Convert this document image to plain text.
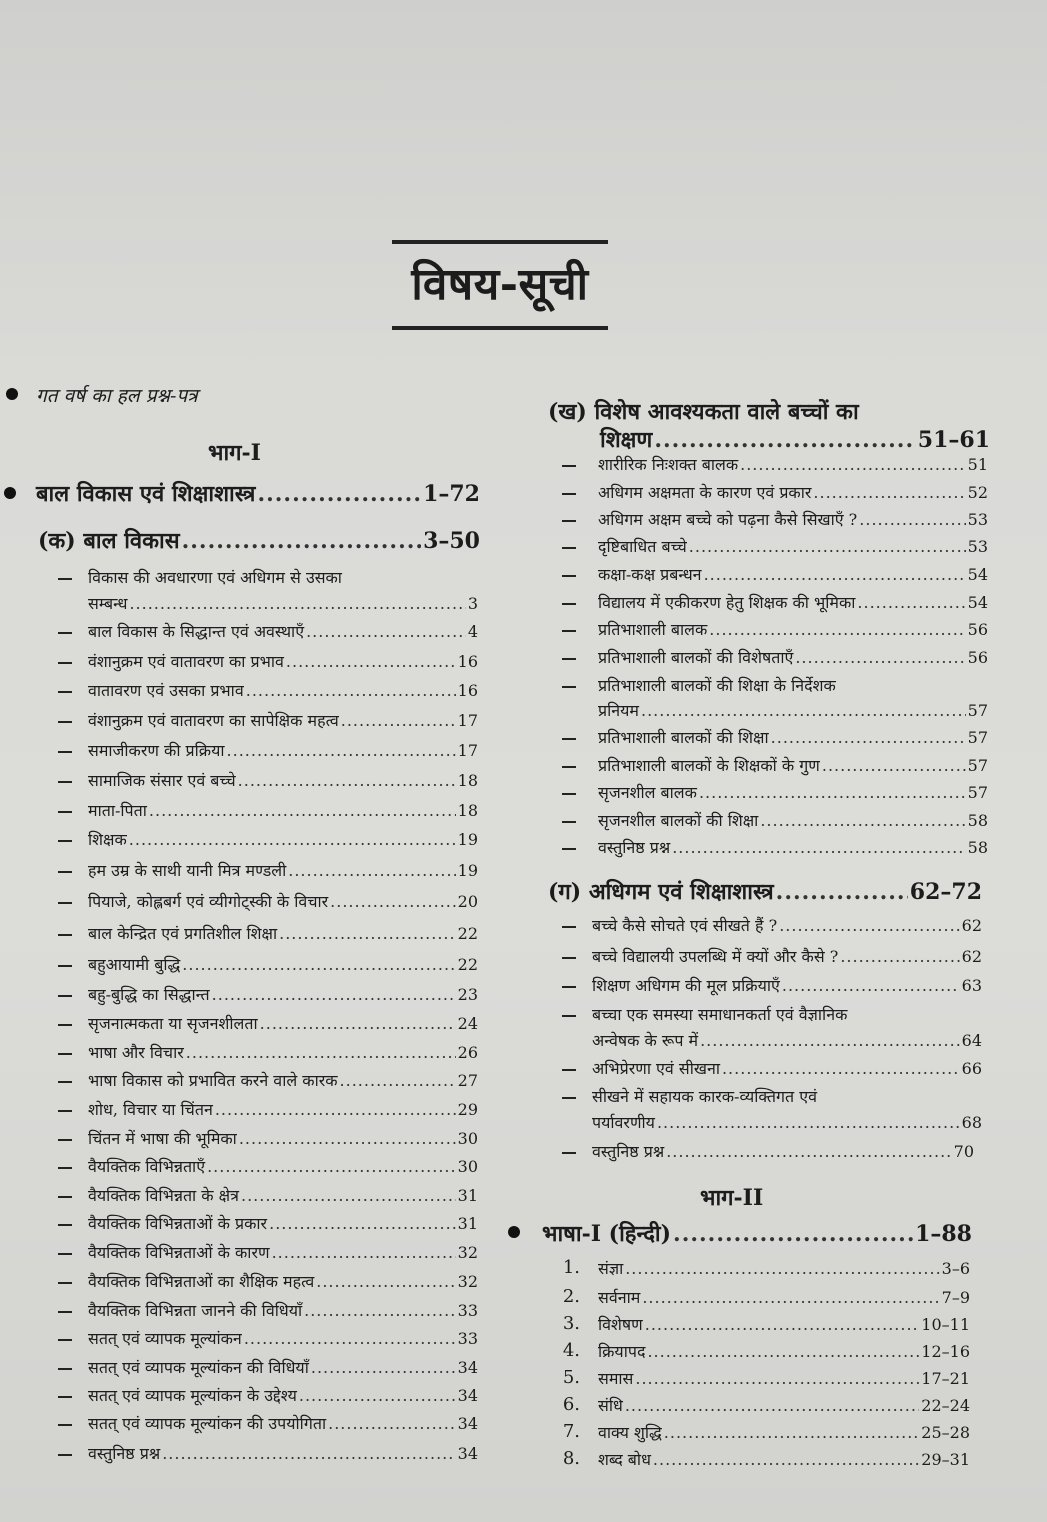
विषय-सूची
गत वर्ष का हल प्रश्न-पत्र
भाग-I
बाल विकास एवं शिक्षाशास्त्र .....	1–72
(क) बाल विकास .....	3–50
विकास की अवधारणा एवं अधिगम से उसका
सम्बन्ध .....	3
बाल विकास के सिद्धान्त एवं अवस्थाएँ .....	4
वंशानुक्रम एवं वातावरण का प्रभाव .....	16
वातावरण एवं उसका प्रभाव .....	16
वंशानुक्रम एवं वातावरण का सापेक्षिक महत्व .....	17
समाजीकरण की प्रक्रिया .....	17
सामाजिक संसार एवं बच्चे .....	18
माता-पिता .....	18
शिक्षक .....	19
हम उम्र के साथी यानी मित्र मण्डली .....	19
पियाजे, कोह्लबर्ग एवं व्यीगोट्स्की के विचार .....	20
बाल केन्द्रित एवं प्रगतिशील शिक्षा .....	22
बहुआयामी बुद्धि .....	22
बहु-बुद्धि का सिद्धान्त .....	23
सृजनात्मकता या सृजनशीलता .....	24
भाषा और विचार .....	26
भाषा विकास को प्रभावित करने वाले कारक .....	27
शोध, विचार या चिंतन .....	29
चिंतन में भाषा की भूमिका .....	30
वैयक्तिक विभिन्नताएँ .....	30
वैयक्तिक विभिन्नता के क्षेत्र .....	31
वैयक्तिक विभिन्नताओं के प्रकार .....	31
वैयक्तिक विभिन्नताओं के कारण .....	32
वैयक्तिक विभिन्नताओं का शैक्षिक महत्व .....	32
वैयक्तिक विभिन्नता जानने की विधियाँ .....	33
सतत् एवं व्यापक मूल्यांकन .....	33
सतत् एवं व्यापक मूल्यांकन की विधियाँ .....	34
सतत् एवं व्यापक मूल्यांकन के उद्देश्य .....	34
सतत् एवं व्यापक मूल्यांकन की उपयोगिता .....	34
वस्तुनिष्ठ प्रश्न .....	34
(ख) विशेष आवश्यकता वाले बच्चों का
शिक्षण .....	51–61
शारीरिक निःशक्त बालक .....	51
अधिगम अक्षमता के कारण एवं प्रकार .....	52
अधिगम अक्षम बच्चे को पढ़ना कैसे सिखाएँ ? .....	53
दृष्टिबाधित बच्चे .....	53
कक्षा-कक्ष प्रबन्धन .....	54
विद्यालय में एकीकरण हेतु शिक्षक की भूमिका .....	54
प्रतिभाशाली बालक .....	56
प्रतिभाशाली बालकों की विशेषताएँ .....	56
प्रतिभाशाली बालकों की शिक्षा के निर्देशक
प्रनियम .....	57
प्रतिभाशाली बालकों की शिक्षा .....	57
प्रतिभाशाली बालकों के शिक्षकों के गुण .....	57
सृजनशील बालक .....	57
सृजनशील बालकों की शिक्षा .....	58
वस्तुनिष्ठ प्रश्न .....	58
(ग) अधिगम एवं शिक्षाशास्त्र .....	62–72
बच्चे कैसे सोचते एवं सीखते हैं ? .....	62
बच्चे विद्यालयी उपलब्धि में क्यों और कैसे ? .....	62
शिक्षण अधिगम की मूल प्रक्रियाएँ .....	63
बच्चा एक समस्या समाधानकर्ता एवं वैज्ञानिक
अन्वेषक के रूप में .....	64
अभिप्रेरणा एवं सीखना .....	66
सीखने में सहायक कारक-व्यक्तिगत एवं
पर्यावरणीय .....	68
वस्तुनिष्ठ प्रश्न .....	70
भाग-II
भाषा-I (हिन्दी) .....	1–88
1. संज्ञा .....	3–6
2. सर्वनाम .....	7–9
3. विशेषण .....	10–11
4. क्रियापद .....	12–16
5. समास .....	17–21
6. संधि .....	22–24
7. वाक्य शुद्धि .....	25–28
8. शब्द बोध .....	29–31
